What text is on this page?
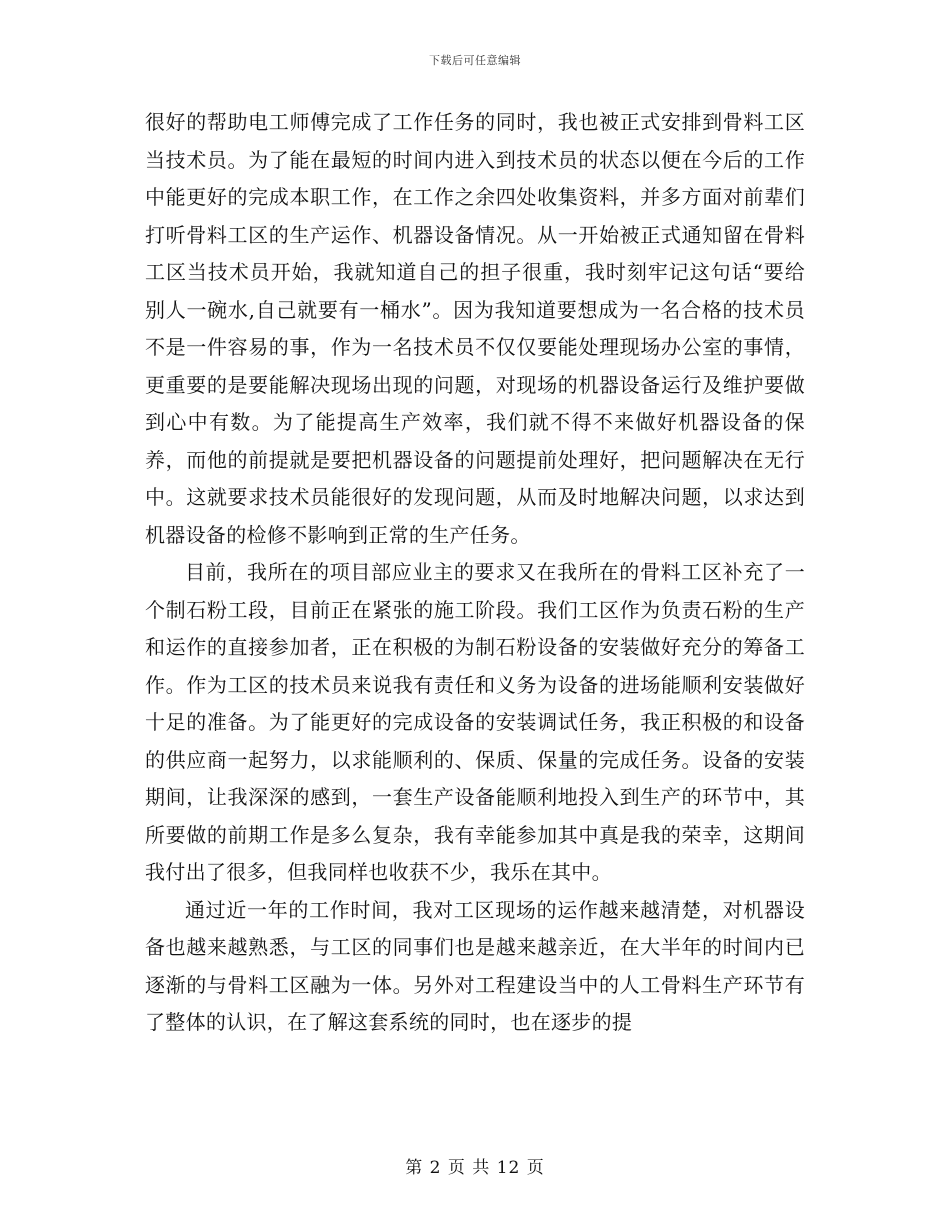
下载后可任意编辑

很好的帮助电工师傅完成了工作任务的同时，我也被正式安排到骨料工区当技术员。为了能在最短的时间内进入到技术员的状态以便在今后的工作中能更好的完成本职工作，在工作之余四处收集资料，并多方面对前辈们打听骨料工区的生产运作、机器设备情况。从一开始被正式通知留在骨料工区当技术员开始，我就知道自己的担子很重，我时刻牢记这句话“要给别人一碗水,自己就要有一桶水”。因为我知道要想成为一名合格的技术员不是一件容易的事，作为一名技术员不仅仅要能处理现场办公室的事情，更重要的是要能解决现场出现的问题，对现场的机器设备运行及维护要做到心中有数。为了能提高生产效率，我们就不得不来做好机器设备的保养，而他的前提就是要把机器设备的问题提前处理好，把问题解决在无行中。这就要求技术员能很好的发现问题，从而及时地解决问题，以求达到机器设备的检修不影响到正常的生产任务。

目前，我所在的项目部应业主的要求又在我所在的骨料工区补充了一个制石粉工段，目前正在紧张的施工阶段。我们工区作为负责石粉的生产和运作的直接参加者，正在积极的为制石粉设备的安装做好充分的筹备工作。作为工区的技术员来说我有责任和义务为设备的进场能顺利安装做好十足的准备。为了能更好的完成设备的安装调试任务，我正积极的和设备的供应商一起努力，以求能顺利的、保质、保量的完成任务。设备的安装期间，让我深深的感到，一套生产设备能顺利地投入到生产的环节中，其所要做的前期工作是多么复杂，我有幸能参加其中真是我的荣幸，这期间我付出了很多，但我同样也收获不少，我乐在其中。

通过近一年的工作时间，我对工区现场的运作越来越清楚，对机器设备也越来越熟悉，与工区的同事们也是越来越亲近，在大半年的时间内已逐渐的与骨料工区融为一体。另外对工程建设当中的人工骨料生产环节有了整体的认识，在了解这套系统的同时，也在逐步的提

第 2 页 共 12 页
